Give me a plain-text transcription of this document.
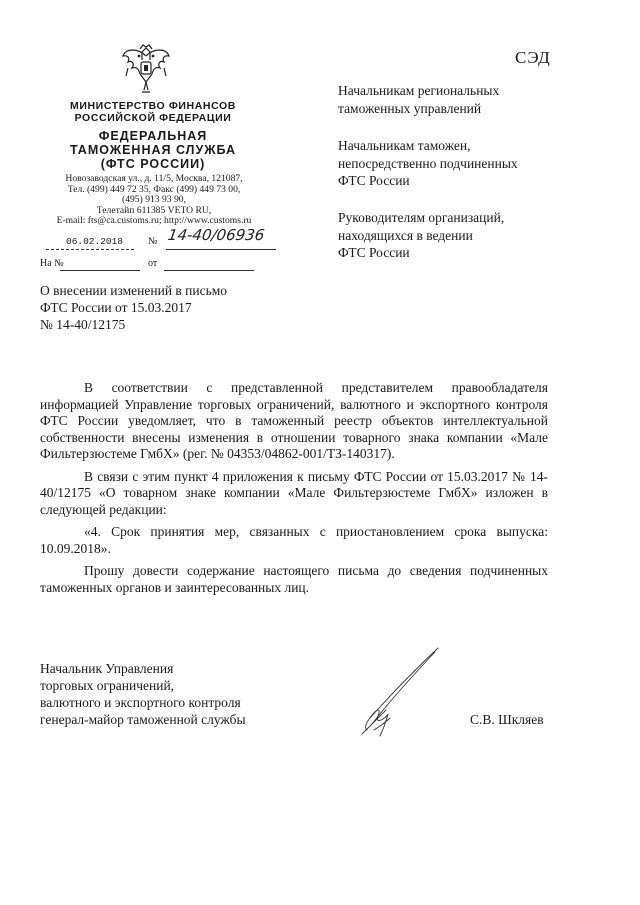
МИНИСТЕРСТВО ФИНАНСОВ
РОССИЙСКОЙ ФЕДЕРАЦИИ
ФЕДЕРАЛЬНАЯ
ТАМОЖЕННАЯ СЛУЖБА
(ФТС РОССИИ)
Новозаводская ул., д. 11/5, Москва, 121087,
Тел. (499) 449 72 35, Факс (499) 449 73 00,
(495) 913 93 90,
Телетайп 611385 VETO RU,
E-mail: fts@ca.customs.ru; http://www.customs.ru
06.02.2018 № 14-40/06936
На №	от
СЭД
Начальникам региональных
таможенных управлений
Начальникам таможен,
непосредственно подчиненных
ФТС России
Руководителям организаций,
находящихся в ведении
ФТС России
О внесении изменений в письмо
ФТС России от 15.03.2017
№ 14-40/12175

В соответствии с представленной представителем правообладателя информацией Управление торговых ограничений, валютного и экспортного контроля ФТС России уведомляет, что в таможенный реестр объектов интеллектуальной собственности внесены изменения в отношении товарного знака компании «Мале Фильтерзюстеме ГмбХ» (рег. № 04353/04862-001/ТЗ-140317).

В связи с этим пункт 4 приложения к письму ФТС России от 15.03.2017 № 14-40/12175 «О товарном знаке компании «Мале Фильтерзюстеме ГмбХ» изложен в следующей редакции:

«4. Срок принятия мер, связанных с приостановлением срока выпуска: 10.09.2018».

Прошу довести содержание настоящего письма до сведения подчиненных таможенных органов и заинтересованных лиц.

Начальник Управления
торговых ограничений,
валютного и экспортного контроля
генерал-майор таможенной службы	С.В. Шкляев
